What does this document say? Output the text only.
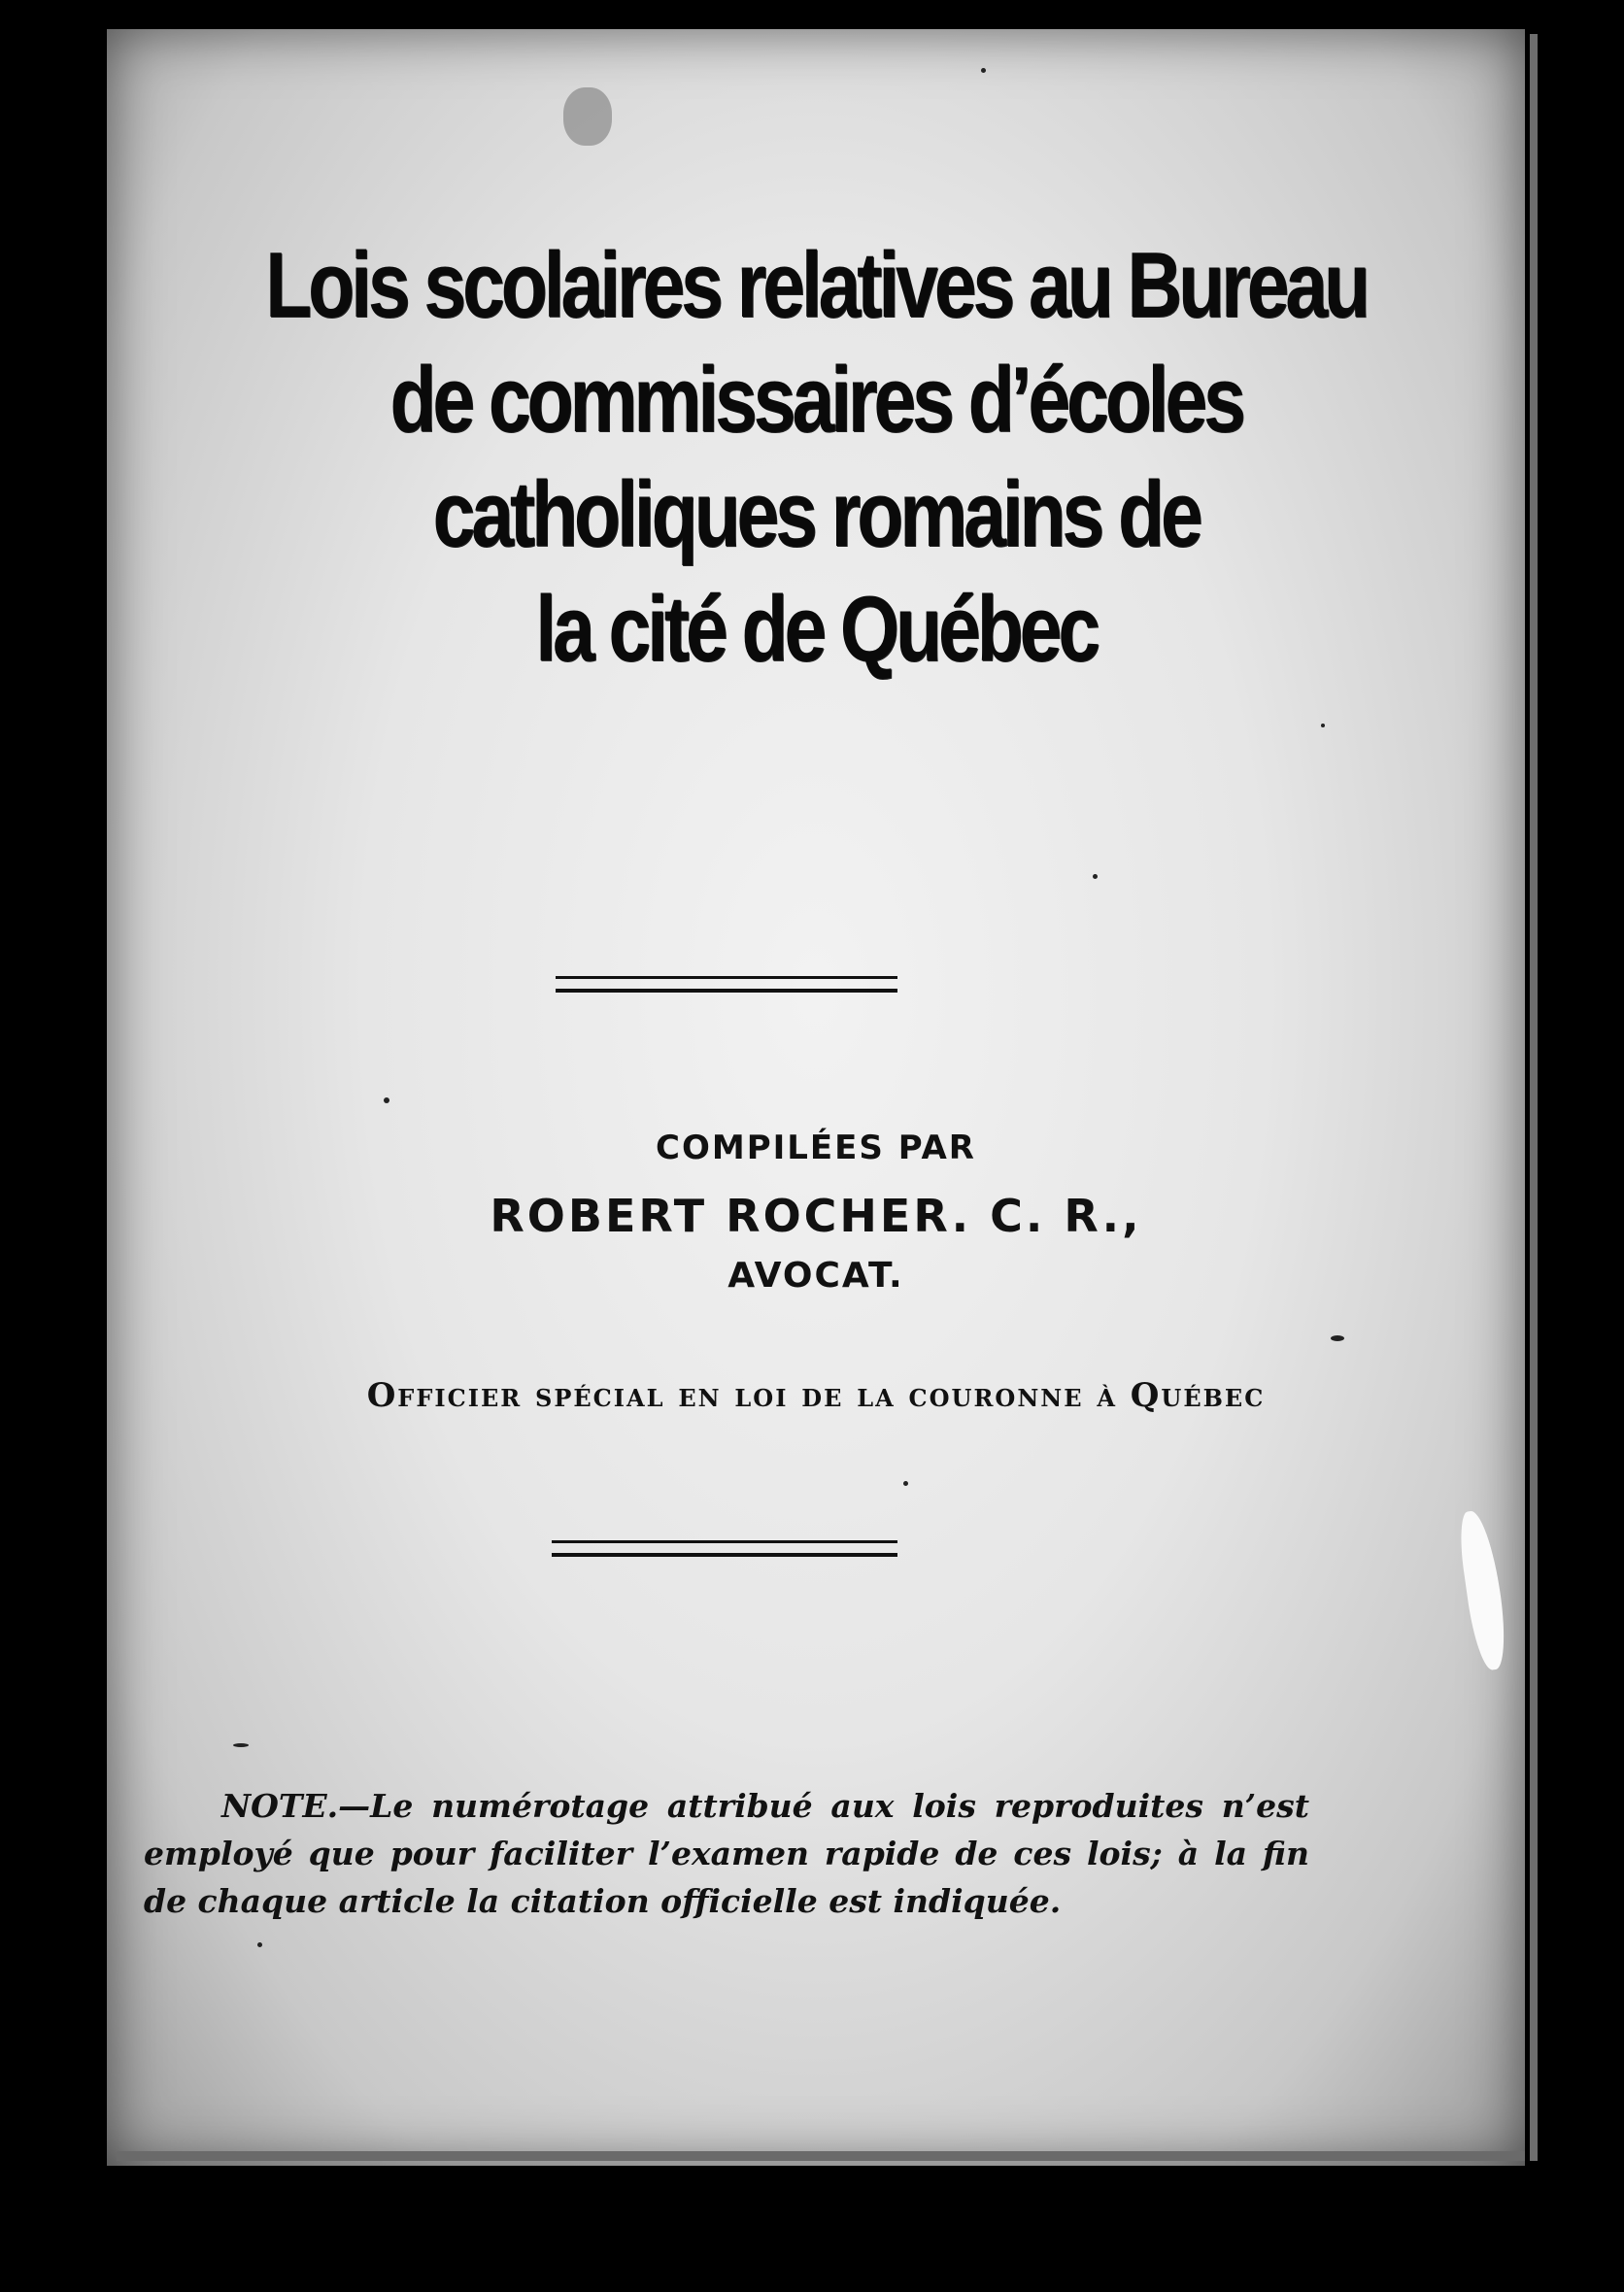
Lois scolaires relatives au Bureau
de commissaires d’écoles
catholiques romains de
la cité de Québec
COMPILÉES PAR
ROBERT ROCHER. C. R.,
AVOCAT.
Officier spécial en loi de la couronne à Québec

NOTE.—Le numérotage attribué aux lois reproduites n’est employé que pour faciliter l’examen rapide de ces lois; à la fin de chaque article la citation officielle est indiquée.
